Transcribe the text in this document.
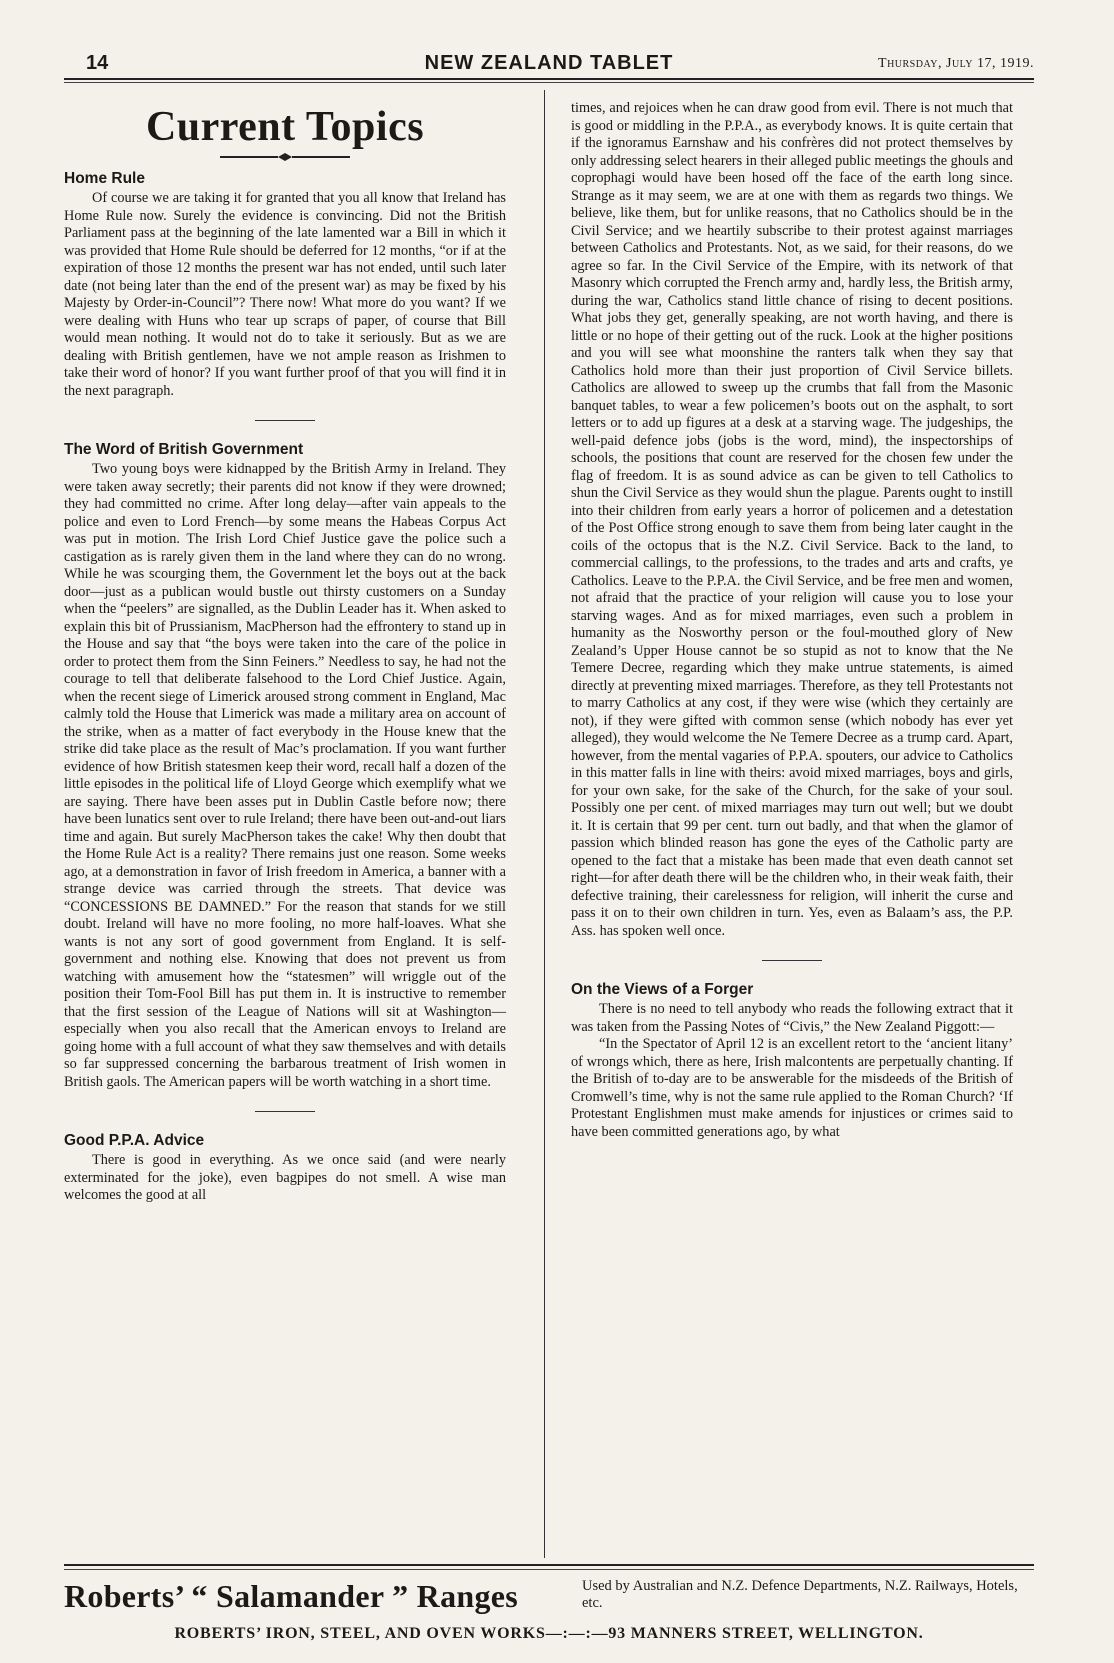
14	NEW ZEALAND TABLET	Thursday, July 17, 1919.
Current Topics
Home Rule

Of course we are taking it for granted that you all know that Ireland has Home Rule now. Surely the evidence is convincing. Did not the British Parliament pass at the beginning of the late lamented war a Bill in which it was provided that Home Rule should be deferred for 12 months, “or if at the expiration of those 12 months the present war has not ended, until such later date (not being later than the end of the present war) as may be fixed by his Majesty by Order-in-Council”? There now! What more do you want? If we were dealing with Huns who tear up scraps of paper, of course that Bill would mean nothing. It would not do to take it seriously. But as we are dealing with British gentlemen, have we not ample reason as Irishmen to take their word of honor? If you want further proof of that you will find it in the next paragraph.

The Word of British Government

Two young boys were kidnapped by the British Army in Ireland. They were taken away secretly; their parents did not know if they were drowned; they had committed no crime. After long delay—after vain appeals to the police and even to Lord French—by some means the Habeas Corpus Act was put in motion. The Irish Lord Chief Justice gave the police such a castigation as is rarely given them in the land where they can do no wrong. While he was scourging them, the Government let the boys out at the back door—just as a publican would bustle out thirsty customers on a Sunday when the “peelers” are signalled, as the Dublin Leader has it. When asked to explain this bit of Prussianism, MacPherson had the effrontery to stand up in the House and say that “the boys were taken into the care of the police in order to protect them from the Sinn Feiners.” Needless to say, he had not the courage to tell that deliberate falsehood to the Lord Chief Justice. Again, when the recent siege of Limerick aroused strong comment in England, Mac calmly told the House that Limerick was made a military area on account of the strike, when as a matter of fact everybody in the House knew that the strike did take place as the result of Mac’s proclamation. If you want further evidence of how British statesmen keep their word, recall half a dozen of the little episodes in the political life of Lloyd George which exemplify what we are saying. There have been asses put in Dublin Castle before now; there have been lunatics sent over to rule Ireland; there have been out-and-out liars time and again. But surely MacPherson takes the cake! Why then doubt that the Home Rule Act is a reality? There remains just one reason. Some weeks ago, at a demonstration in favor of Irish freedom in America, a banner with a strange device was carried through the streets. That device was “CONCESSIONS BE DAMNED.” For the reason that stands for we still doubt. Ireland will have no more fooling, no more half-loaves. What she wants is not any sort of good government from England. It is self-government and nothing else. Knowing that does not prevent us from watching with amusement how the “statesmen” will wriggle out of the position their Tom-Fool Bill has put them in. It is instructive to remember that the first session of the League of Nations will sit at Washington—especially when you also recall that the American envoys to Ireland are going home with a full account of what they saw themselves and with details so far suppressed concerning the barbarous treatment of Irish women in British gaols. The American papers will be worth watching in a short time.

Good P.P.A. Advice

There is good in everything. As we once said (and were nearly exterminated for the joke), even bagpipes do not smell. A wise man welcomes the good at all

times, and rejoices when he can draw good from evil. There is not much that is good or middling in the P.P.A., as everybody knows. It is quite certain that if the ignoramus Earnshaw and his confrères did not protect themselves by only addressing select hearers in their alleged public meetings the ghouls and coprophagi would have been hosed off the face of the earth long since. Strange as it may seem, we are at one with them as regards two things. We believe, like them, but for unlike reasons, that no Catholics should be in the Civil Service; and we heartily subscribe to their protest against marriages between Catholics and Protestants. Not, as we said, for their reasons, do we agree so far. In the Civil Service of the Empire, with its network of that Masonry which corrupted the French army and, hardly less, the British army, during the war, Catholics stand little chance of rising to decent positions. What jobs they get, generally speaking, are not worth having, and there is little or no hope of their getting out of the ruck. Look at the higher positions and you will see what moonshine the ranters talk when they say that Catholics hold more than their just proportion of Civil Service billets. Catholics are allowed to sweep up the crumbs that fall from the Masonic banquet tables, to wear a few policemen’s boots out on the asphalt, to sort letters or to add up figures at a desk at a starving wage. The judgeships, the well-paid defence jobs (jobs is the word, mind), the inspectorships of schools, the positions that count are reserved for the chosen few under the flag of freedom. It is as sound advice as can be given to tell Catholics to shun the Civil Service as they would shun the plague. Parents ought to instill into their children from early years a horror of policemen and a detestation of the Post Office strong enough to save them from being later caught in the coils of the octopus that is the N.Z. Civil Service. Back to the land, to commercial callings, to the professions, to the trades and arts and crafts, ye Catholics. Leave to the P.P.A. the Civil Service, and be free men and women, not afraid that the practice of your religion will cause you to lose your starving wages. And as for mixed marriages, even such a problem in humanity as the Nosworthy person or the foul-mouthed glory of New Zealand’s Upper House cannot be so stupid as not to know that the Ne Temere Decree, regarding which they make untrue statements, is aimed directly at preventing mixed marriages. Therefore, as they tell Protestants not to marry Catholics at any cost, if they were wise (which they certainly are not), if they were gifted with common sense (which nobody has ever yet alleged), they would welcome the Ne Temere Decree as a trump card. Apart, however, from the mental vagaries of P.P.A. spouters, our advice to Catholics in this matter falls in line with theirs: avoid mixed marriages, boys and girls, for your own sake, for the sake of the Church, for the sake of your soul. Possibly one per cent. of mixed marriages may turn out well; but we doubt it. It is certain that 99 per cent. turn out badly, and that when the glamor of passion which blinded reason has gone the eyes of the Catholic party are opened to the fact that a mistake has been made that even death cannot set right—for after death there will be the children who, in their weak faith, their defective training, their carelessness for religion, will inherit the curse and pass it on to their own children in turn. Yes, even as Balaam’s ass, the P.P. Ass. has spoken well once.

On the Views of a Forger

There is no need to tell anybody who reads the following extract that it was taken from the Passing Notes of “Civis,” the New Zealand Piggott:—

“In the Spectator of April 12 is an excellent retort to the ‘ancient litany’ of wrongs which, there as here, Irish malcontents are perpetually chanting. If the British of to-day are to be answerable for the misdeeds of the British of Cromwell’s time, why is not the same rule applied to the Roman Church? ‘If Protestant Englishmen must make amends for injustices or crimes said to have been committed generations ago, by what

Roberts’ “ Salamander ” Ranges	Used by Australian and N.Z. Defence Departments, N.Z. Railways, Hotels, etc.
ROBERTS’ IRON, STEEL, AND OVEN WORKS—:—:—93 MANNERS STREET, WELLINGTON.
